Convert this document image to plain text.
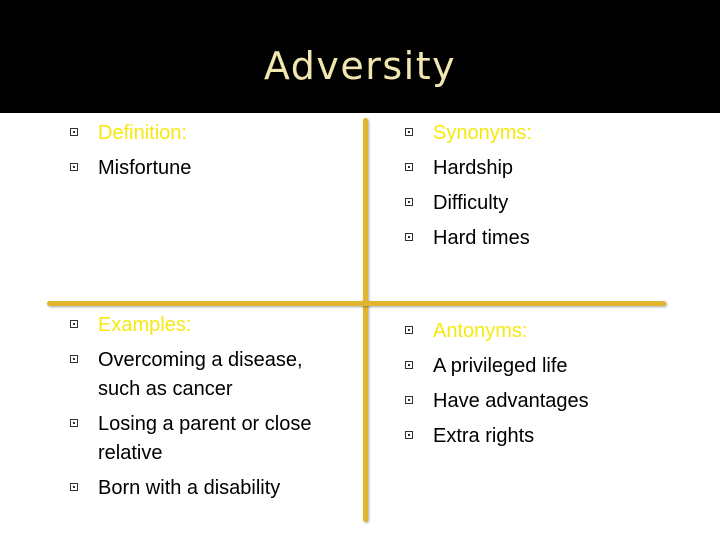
Adversity
Definition:
Misfortune
Synonyms:
Hardship
Difficulty
Hard times
Examples:
Overcoming a disease, such as cancer
Losing a parent or close relative
Born with a disability
Antonyms:
A privileged life
Have advantages
Extra rights
